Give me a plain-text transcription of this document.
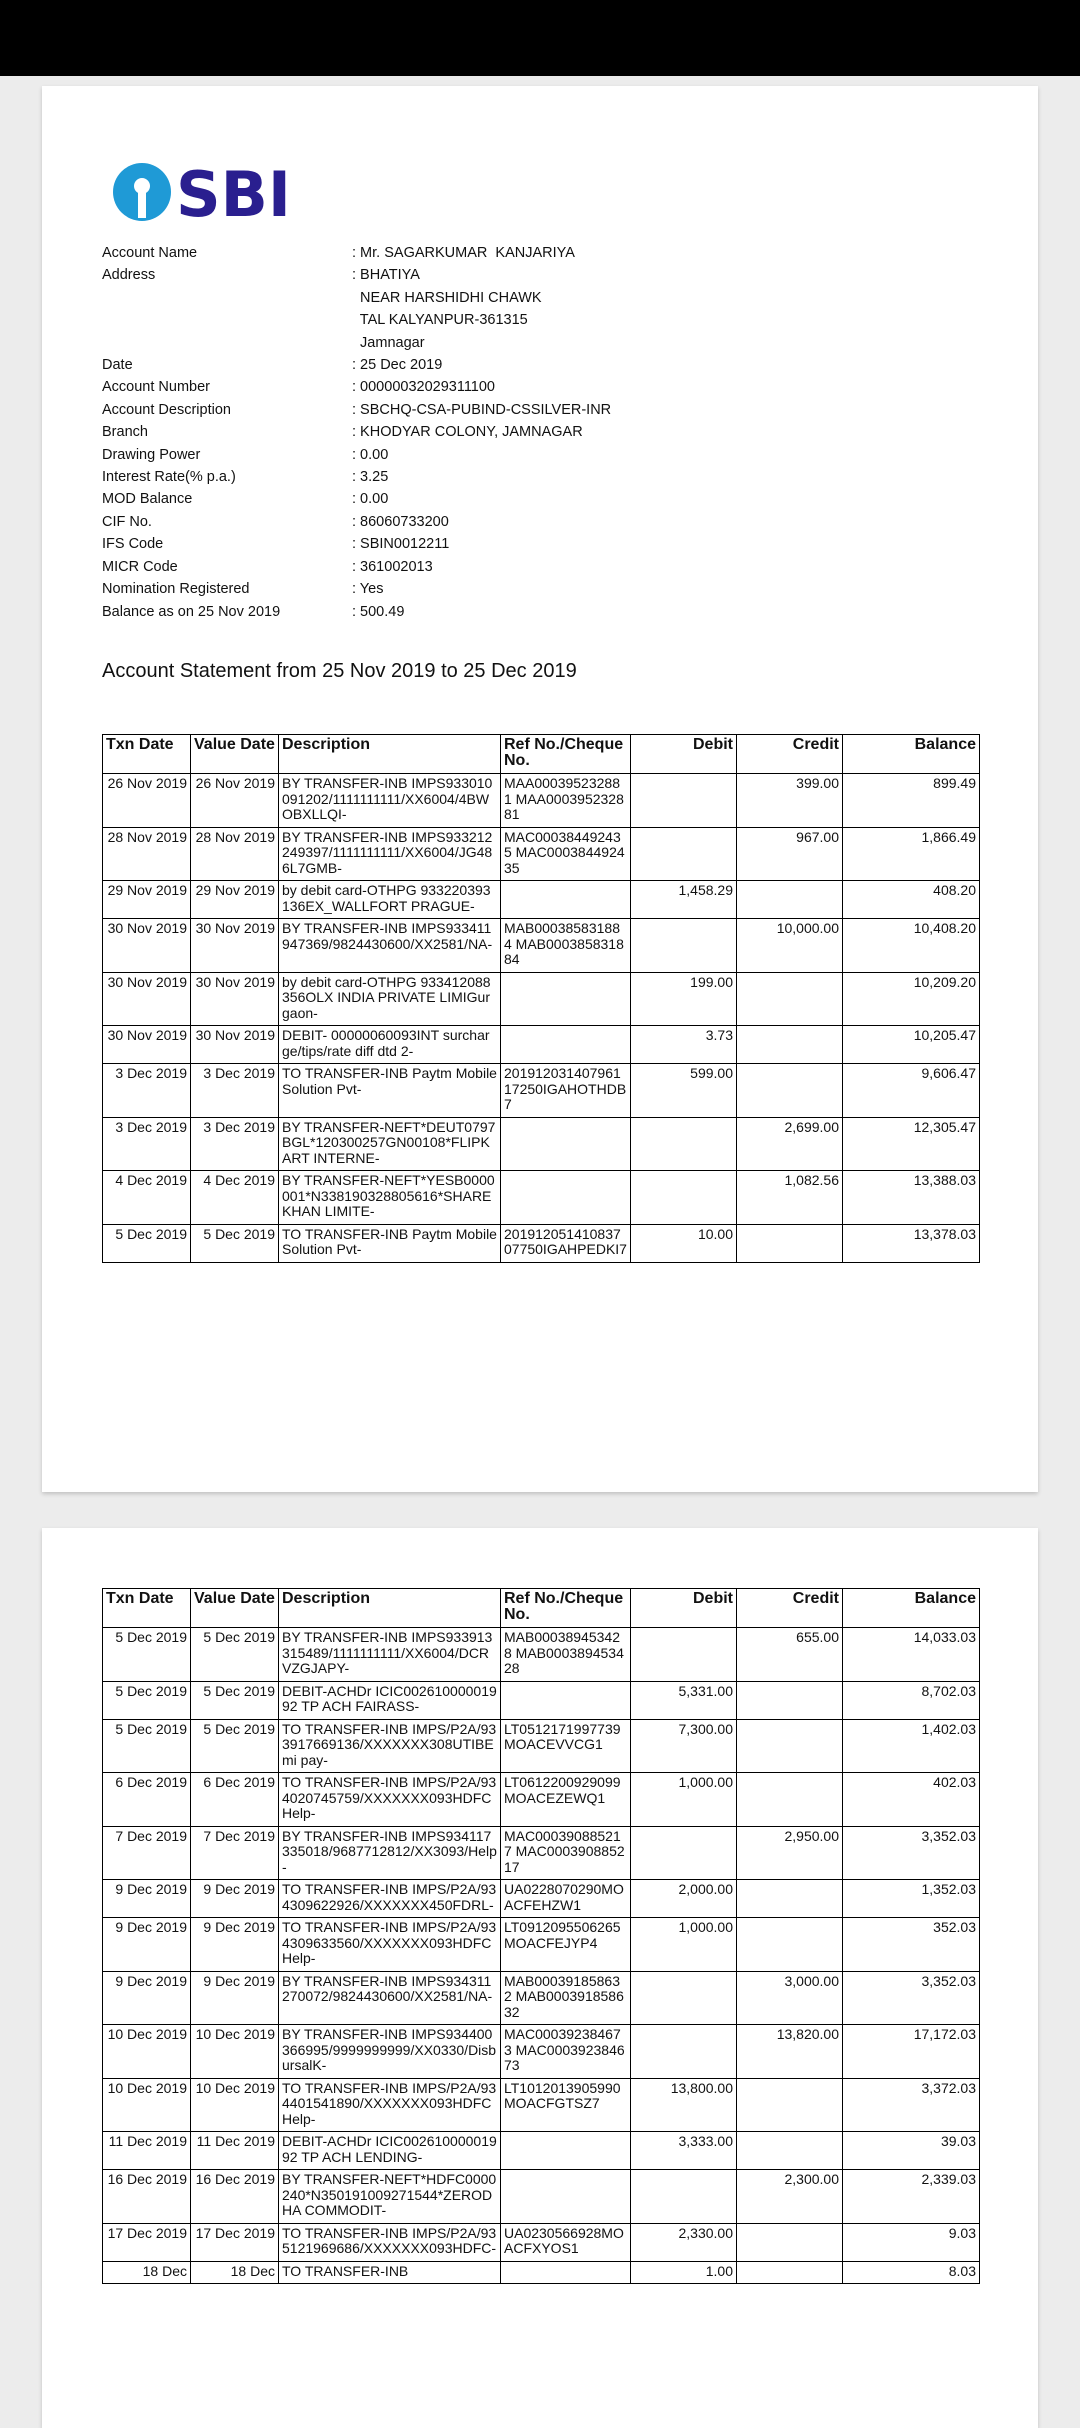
SBI
Account Name	: Mr. SAGARKUMAR  KANJARIYA
Address	: BHATIYA
NEAR HARSHIDHI CHAWK
TAL KALYANPUR-361315
Jamnagar
Date	: 25 Dec 2019
Account Number	: 00000032029311100
Account Description	: SBCHQ-CSA-PUBIND-CSSILVER-INR
Branch	: KHODYAR COLONY, JAMNAGAR
Drawing Power	: 0.00
Interest Rate(% p.a.)	: 3.25
MOD Balance	: 0.00
CIF No.	: 86060733200
IFS Code	: SBIN0012211
MICR Code	: 361002013
Nomination Registered	: Yes
Balance as on 25 Nov 2019	: 500.49
Account Statement from 25 Nov 2019 to 25 Dec 2019
Txn Date	Value Date	Description	Ref No./Cheque No.	Debit	Credit	Balance
26 Nov 2019	26 Nov 2019	BY TRANSFER-INB IMPS933010091202/1111111111/XX6004/4BWOBXLLQI-	MAA000395232881 MAA000395232881		399.00	899.49
28 Nov 2019	28 Nov 2019	BY TRANSFER-INB IMPS933212249397/1111111111/XX6004/JG486L7GMB-	MAC000384492435 MAC000384492435		967.00	1,866.49
29 Nov 2019	29 Nov 2019	by debit card-OTHPG 933220393136EX_WALLFORT PRAGUE-		1,458.29		408.20
30 Nov 2019	30 Nov 2019	BY TRANSFER-INB IMPS933411947369/9824430600/XX2581/NA-	MAB000385831884 MAB000385831884		10,000.00	10,408.20
30 Nov 2019	30 Nov 2019	by debit card-OTHPG 933412088356OLX INDIA PRIVATE LIMIGurgaon-		199.00		10,209.20
30 Nov 2019	30 Nov 2019	DEBIT- 00000060093INT surcharge/tips/rate diff dtd 2-		3.73		10,205.47
3 Dec 2019	3 Dec 2019	TO TRANSFER-INB Paytm Mobile Solution Pvt-	20191203140796117250IGAHOTHDB7	599.00		9,606.47
3 Dec 2019	3 Dec 2019	BY TRANSFER-NEFT*DEUT0797BGL*120300257GN00108*FLIPKART INTERNE-			2,699.00	12,305.47
4 Dec 2019	4 Dec 2019	BY TRANSFER-NEFT*YESB0000001*N338190328805616*SHAREKHAN LIMITE-			1,082.56	13,388.03
5 Dec 2019	5 Dec 2019	TO TRANSFER-INB Paytm Mobile Solution Pvt-	20191205141083707750IGAHPEDKI7	10.00		13,378.03
Txn Date	Value Date	Description	Ref No./Cheque No.	Debit	Credit	Balance
5 Dec 2019	5 Dec 2019	BY TRANSFER-INB IMPS933913315489/1111111111/XX6004/DCRVZGJAPY-	MAB000389453428 MAB000389453428		655.00	14,033.03
5 Dec 2019	5 Dec 2019	DEBIT-ACHDr ICIC00261000001992 TP ACH FAIRASS-		5,331.00		8,702.03
5 Dec 2019	5 Dec 2019	TO TRANSFER-INB IMPS/P2A/933917669136/XXXXXXX308UTIBEmi pay-	LT0512171997739MOACEVVCG1	7,300.00		1,402.03
6 Dec 2019	6 Dec 2019	TO TRANSFER-INB IMPS/P2A/934020745759/XXXXXXX093HDFCHelp-	LT0612200929099MOACEZEWQ1	1,000.00		402.03
7 Dec 2019	7 Dec 2019	BY TRANSFER-INB IMPS934117335018/9687712812/XX3093/Help-	MAC000390885217 MAC000390885217		2,950.00	3,352.03
9 Dec 2019	9 Dec 2019	TO TRANSFER-INB IMPS/P2A/934309622926/XXXXXXX450FDRL-	UA0228070290MOACFEHZW1	2,000.00		1,352.03
9 Dec 2019	9 Dec 2019	TO TRANSFER-INB IMPS/P2A/934309633560/XXXXXXX093HDFCHelp-	LT0912095506265MOACFEJYP4	1,000.00		352.03
9 Dec 2019	9 Dec 2019	BY TRANSFER-INB IMPS934311270072/9824430600/XX2581/NA-	MAB000391858632 MAB000391858632		3,000.00	3,352.03
10 Dec 2019	10 Dec 2019	BY TRANSFER-INB IMPS934400366995/9999999999/XX0330/DisbursalK-	MAC000392384673 MAC000392384673		13,820.00	17,172.03
10 Dec 2019	10 Dec 2019	TO TRANSFER-INB IMPS/P2A/934401541890/XXXXXXX093HDFCHelp-	LT1012013905990MOACFGTSZ7	13,800.00		3,372.03
11 Dec 2019	11 Dec 2019	DEBIT-ACHDr ICIC00261000001992 TP ACH LENDING-		3,333.00		39.03
16 Dec 2019	16 Dec 2019	BY TRANSFER-NEFT*HDFC0000240*N350191009271544*ZERODHA COMMODIT-			2,300.00	2,339.03
17 Dec 2019	17 Dec 2019	TO TRANSFER-INB IMPS/P2A/935121969686/XXXXXXX093HDFC-	UA0230566928MOACFXYOS1	2,330.00		9.03
18 Dec	18 Dec	TO TRANSFER-INB		1.00		8.03
